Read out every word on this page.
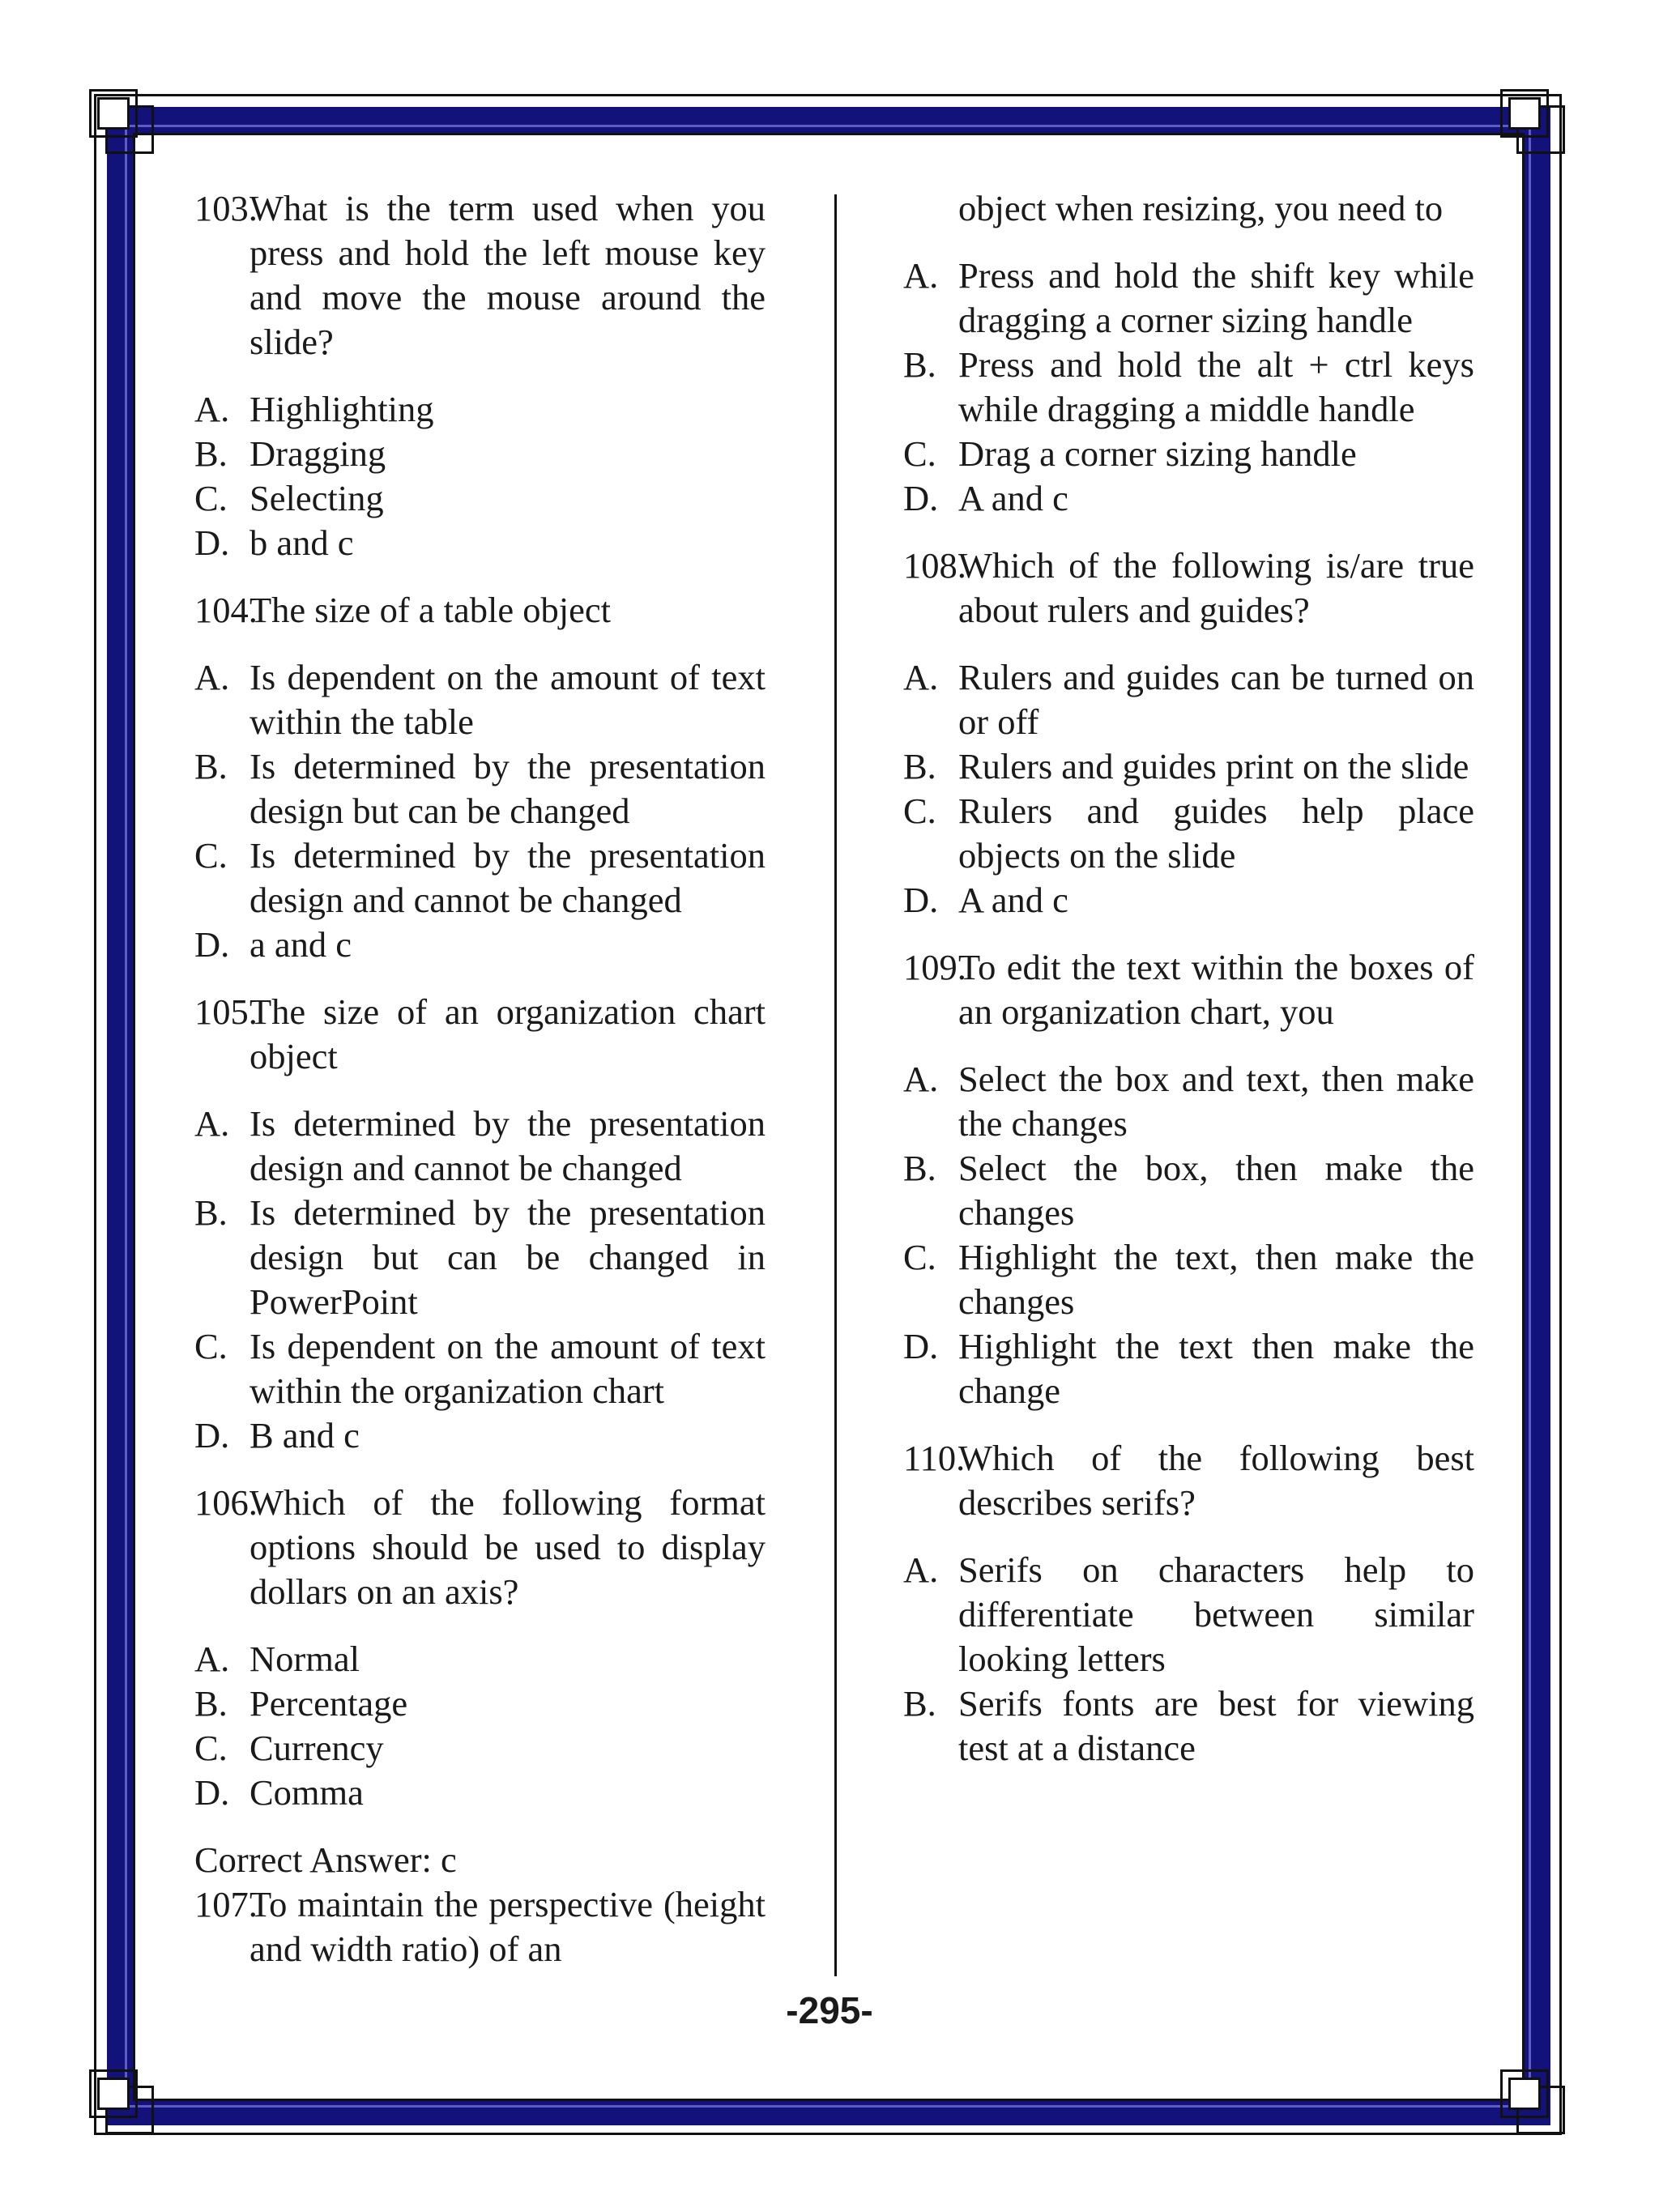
103.What is the term used when you press and hold the left mouse key and move the mouse around the slide?
A. Highlighting
B. Dragging
C. Selecting
D. b and c
104.The size of a table object
A. Is dependent on the amount of text within the table
B. Is determined by the presentation design but can be changed
C. Is determined by the presentation design and cannot be changed
D. a and c
105.The size of an organization chart object
A. Is determined by the presentation design and cannot be changed
B. Is determined by the presentation design but can be changed in PowerPoint
C. Is dependent on the amount of text within the organization chart
D. B and c
106.Which of the following format options should be used to display dollars on an axis?
A. Normal
B. Percentage
C. Currency
D. Comma
Correct Answer: c
107.To maintain the perspective (height and width ratio) of an
object when resizing, you need to
A. Press and hold the shift key while dragging a corner sizing handle
B. Press and hold the alt + ctrl keys while dragging a middle handle
C. Drag a corner sizing handle
D. A and c
108.Which of the following is/are true about rulers and guides?
A. Rulers and guides can be turned on or off
B. Rulers and guides print on the slide
C. Rulers and guides help place objects on the slide
D. A and c
109.To edit the text within the boxes of an organization chart, you
A. Select the box and text, then make the changes
B. Select the box, then make the changes
C. Highlight the text, then make the changes
D. Highlight the text then make the change
110.Which of the following best describes serifs?
A. Serifs on characters help to differentiate between similar looking letters
B. Serifs fonts are best for viewing test at a distance
-295-
